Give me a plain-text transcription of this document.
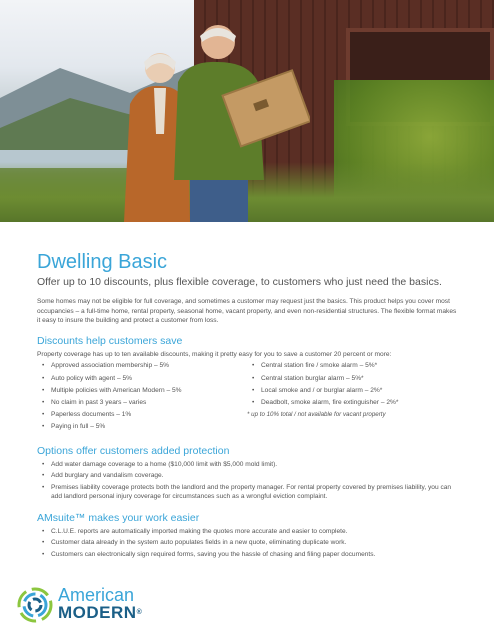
Dwelling Basic
Offer up to 10 discounts, plus flexible coverage, to customers who just need the basics.

Some homes may not be eligible for full coverage, and sometimes a customer may request just the basics. This product helps you cover most occupancies – a full-time home, rental property, seasonal home, vacant property, and even non-residential structures. The flexible format makes it easy to insure the building and protect a customer from loss.

Discounts help customers save

Property coverage has up to ten available discounts, making it pretty easy for you to save a customer 20 percent or more:

• Approved association membership – 5%
• Auto policy with agent – 5%
• Multiple policies with American Modern – 5%
• No claim in past 3 years – varies
• Paperless documents – 1%
• Paying in full – 5%
• Central station fire / smoke alarm – 5%*
• Central station burglar alarm – 5%*
• Local smoke and / or burglar alarm – 2%*
• Deadbolt, smoke alarm, fire extinguisher – 2%*
* up to 10% total / not available for vacant property
Options offer customers added protection
• Add water damage coverage to a home ($10,000 limit with $5,000 mold limit).
• Add burglary and vandalism coverage.
• Premises liability coverage protects both the landlord and the property manager. For rental property covered by premises liability, you can add landlord personal injury coverage for circumstances such as a wrongful eviction complaint.
AMsuite™ makes your work easier
• C.L.U.E. reports are automatically imported making the quotes more accurate and easier to complete.
• Customer data already in the system auto populates fields in a new quote, eliminating duplicate work.
• Customers can electronically sign required forms, saving you the hassle of chasing and filing paper documents.
American
MODERN®
